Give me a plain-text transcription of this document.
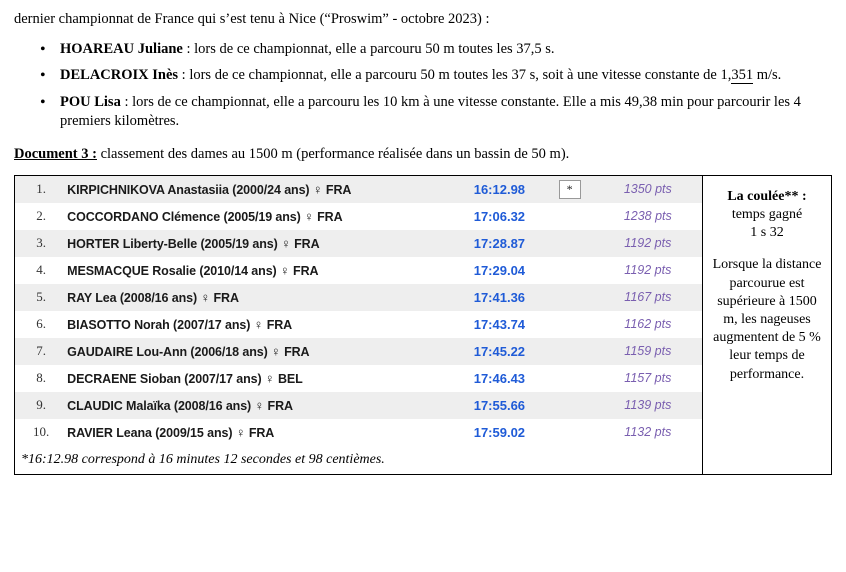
dernier championnat de France qui s’est tenu à Nice (“Proswim” - octobre 2023) :
• HOAREAU Juliane : lors de ce championnat, elle a parcouru 50 m toutes les 37,5 s.
• DELACROIX Inès : lors de ce championnat, elle a parcouru 50 m toutes les 37 s, soit à une vitesse constante de 1,351 m/s.
• POU Lisa : lors de ce championnat, elle a parcouru les 10 km à une vitesse constante. Elle a mis 49,38 min pour parcourir les 4 premiers kilomètres.
Document 3 : classement des dames au 1500 m (performance réalisée dans un bassin de 50 m).
1.	KIRPICHNIKOVA Anastasiia (2000/24 ans) ♀ FRA	16:12.98	*	1350 pts
2.	COCCORDANO Clémence (2005/19 ans) ♀ FRA	17:06.32		1238 pts
3.	HORTER Liberty-Belle (2005/19 ans) ♀ FRA	17:28.87		1192 pts
4.	MESMACQUE Rosalie (2010/14 ans) ♀ FRA	17:29.04		1192 pts
5.	RAY Lea (2008/16 ans) ♀ FRA	17:41.36		1167 pts
6.	BIASOTTO Norah (2007/17 ans) ♀ FRA	17:43.74		1162 pts
7.	GAUDAIRE Lou-Ann (2006/18 ans) ♀ FRA	17:45.22		1159 pts
8.	DECRAENE Sioban (2007/17 ans) ♀ BEL	17:46.43		1157 pts
9.	CLAUDIC Malaïka (2008/16 ans) ♀ FRA	17:55.66		1139 pts
10.	RAVIER Leana (2009/15 ans) ♀ FRA	17:59.02		1132 pts
*16:12.98 correspond à 16 minutes 12 secondes et 98 centièmes.

La coulée** :

temps gagné

1 s 32

Lorsque la distance parcourue est supérieure à 1500 m, les nageuses augmentent de 5 % leur temps de performance.
